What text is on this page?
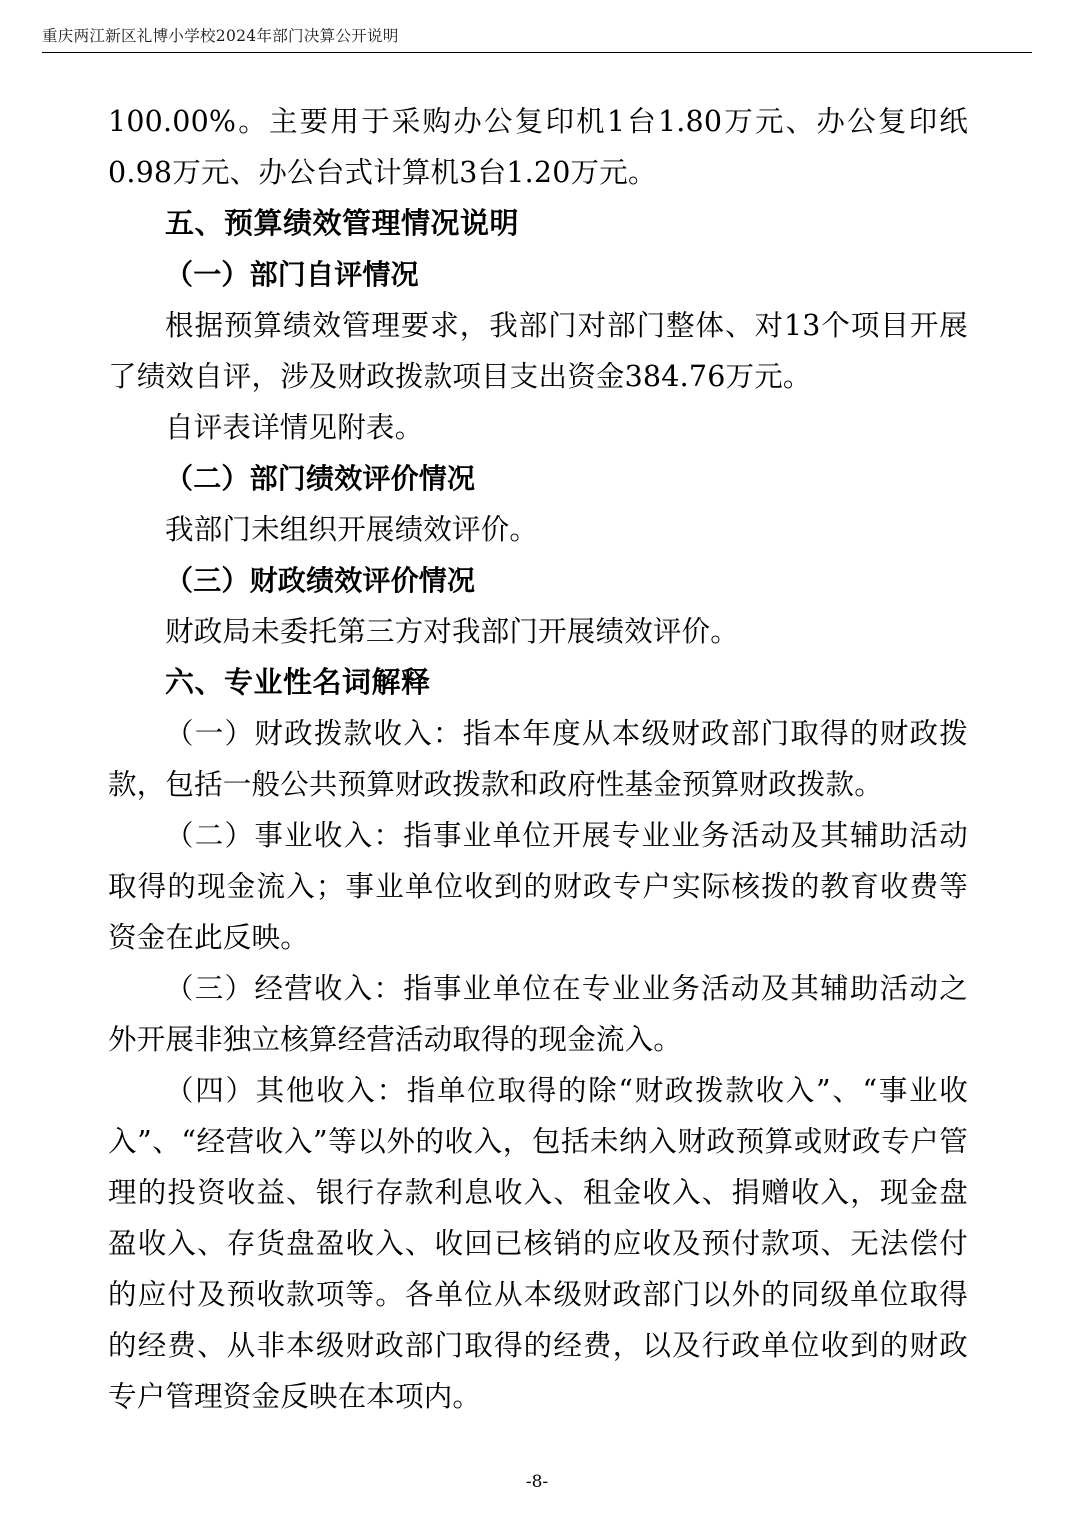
重庆两江新区礼博小学校2024年部门决算公开说明

100.00%。主要用于采购办公复印机1台1.80万元、办公复印纸0.98万元、办公台式计算机3台1.20万元。

五、预算绩效管理情况说明

（一）部门自评情况

根据预算绩效管理要求，我部门对部门整体、对13个项目开展了绩效自评，涉及财政拨款项目支出资金384.76万元。

自评表详情见附表。

（二）部门绩效评价情况

我部门未组织开展绩效评价。

（三）财政绩效评价情况

财政局未委托第三方对我部门开展绩效评价。

六、专业性名词解释

（一）财政拨款收入：指本年度从本级财政部门取得的财政拨款，包括一般公共预算财政拨款和政府性基金预算财政拨款。

（二）事业收入：指事业单位开展专业业务活动及其辅助活动取得的现金流入；事业单位收到的财政专户实际核拨的教育收费等资金在此反映。

（三）经营收入：指事业单位在专业业务活动及其辅助活动之外开展非独立核算经营活动取得的现金流入。

（四）其他收入：指单位取得的除“财政拨款收入”、“事业收入”、“经营收入”等以外的收入，包括未纳入财政预算或财政专户管理的投资收益、银行存款利息收入、租金收入、捐赠收入，现金盘盈收入、存货盘盈收入、收回已核销的应收及预付款项、无法偿付的应付及预收款项等。各单位从本级财政部门以外的同级单位取得的经费、从非本级财政部门取得的经费，以及行政单位收到的财政专户管理资金反映在本项内。

-8-
